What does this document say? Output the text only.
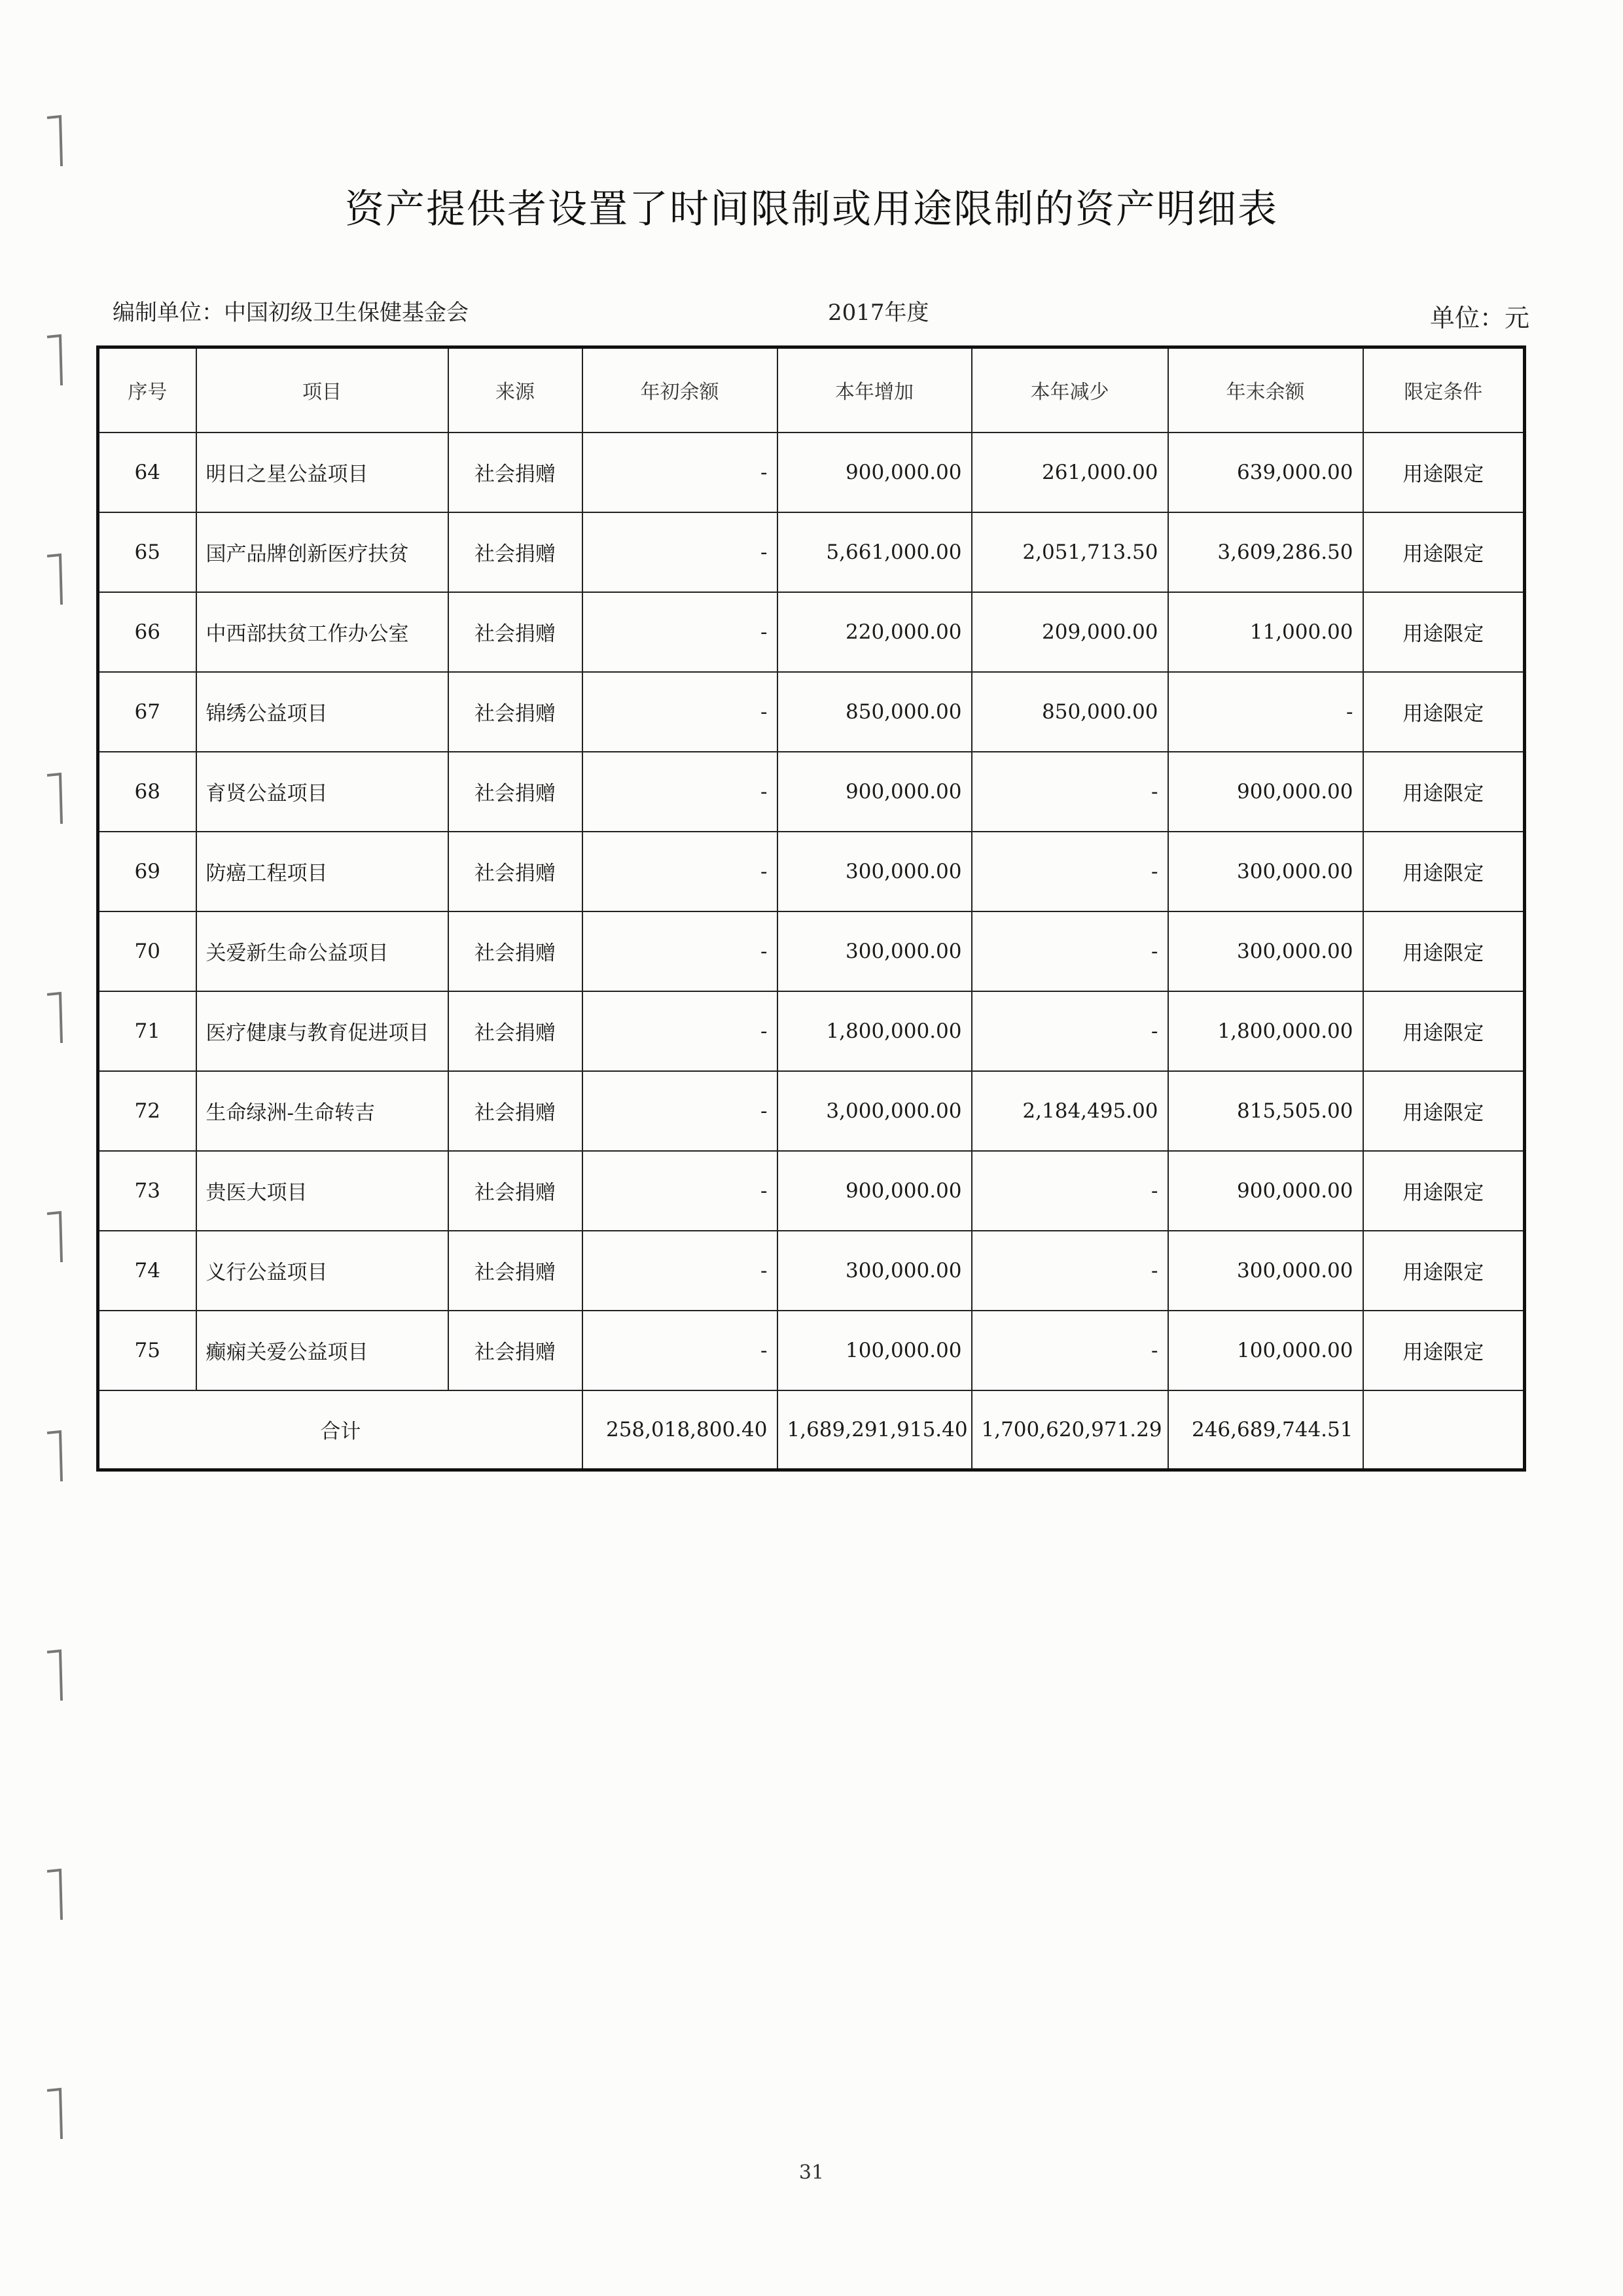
资产提供者设置了时间限制或用途限制的资产明细表
编制单位：中国初级卫生保健基金会	2017年度	单位：元
序号	项目	来源	年初余额	本年增加	本年减少	年末余额	限定条件
64	明日之星公益项目	社会捐赠	-	900,000.00	261,000.00	639,000.00	用途限定
65	国产品牌创新医疗扶贫	社会捐赠	-	5,661,000.00	2,051,713.50	3,609,286.50	用途限定
66	中西部扶贫工作办公室	社会捐赠	-	220,000.00	209,000.00	11,000.00	用途限定
67	锦绣公益项目	社会捐赠	-	850,000.00	850,000.00	-	用途限定
68	育贤公益项目	社会捐赠	-	900,000.00	-	900,000.00	用途限定
69	防癌工程项目	社会捐赠	-	300,000.00	-	300,000.00	用途限定
70	关爱新生命公益项目	社会捐赠	-	300,000.00	-	300,000.00	用途限定
71	医疗健康与教育促进项目	社会捐赠	-	1,800,000.00	-	1,800,000.00	用途限定
72	生命绿洲-生命转吉	社会捐赠	-	3,000,000.00	2,184,495.00	815,505.00	用途限定
73	贵医大项目	社会捐赠	-	900,000.00	-	900,000.00	用途限定
74	义行公益项目	社会捐赠	-	300,000.00	-	300,000.00	用途限定
75	癫痫关爱公益项目	社会捐赠	-	100,000.00	-	100,000.00	用途限定
合计			258,018,800.40	1,689,291,915.40	1,700,620,971.29	246,689,744.51	
31
